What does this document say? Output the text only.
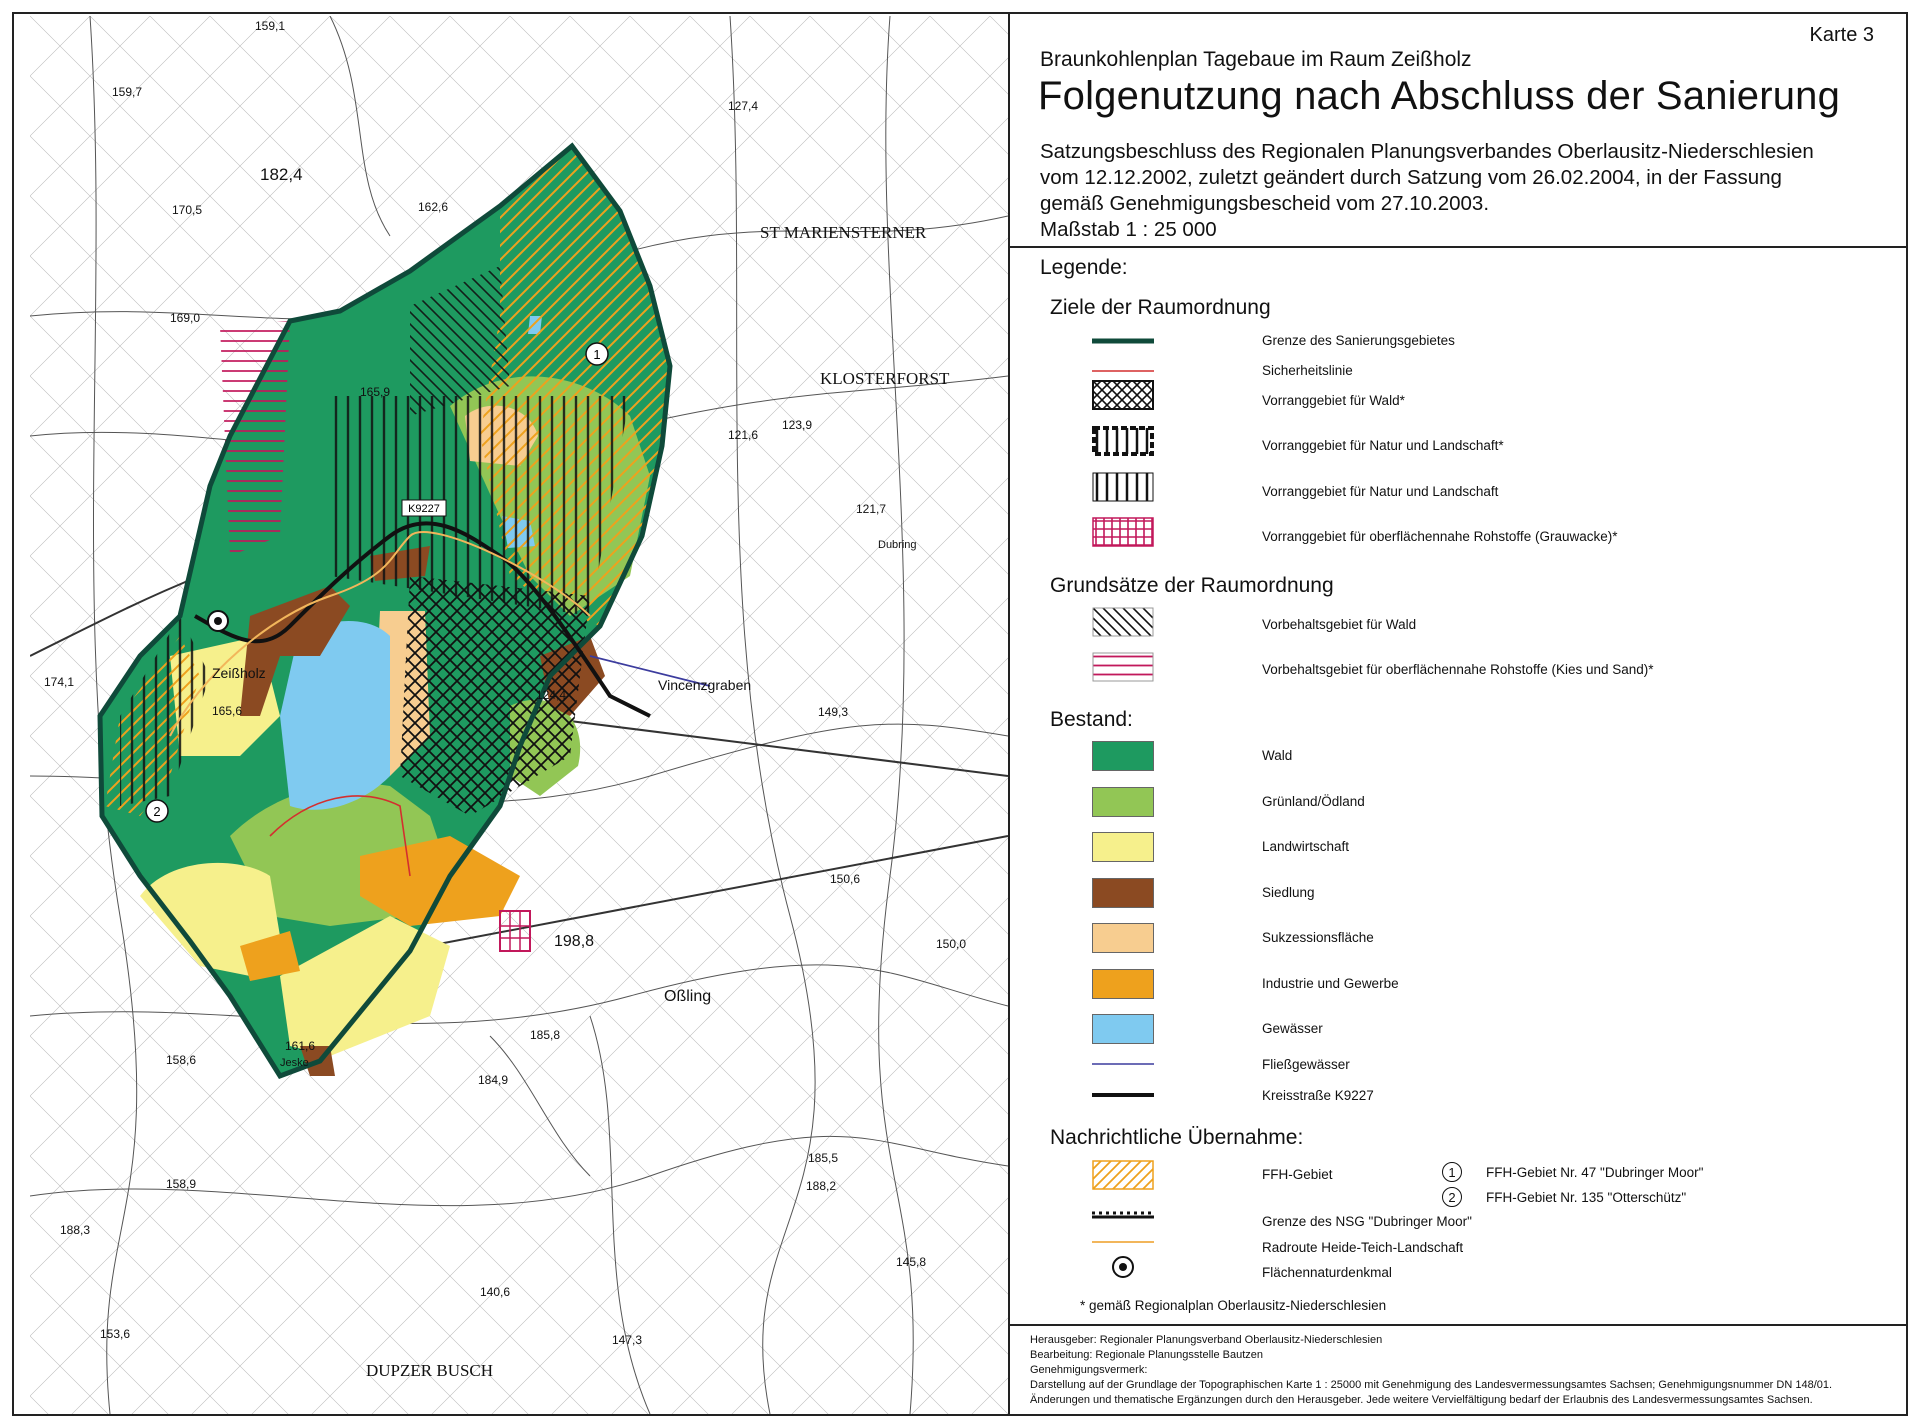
1
2
K9227
ST MARIENSTERNER
KLOSTERFORST
Zeißholz
Vincenzgraben
Oßling
DUPZER BUSCH
Dubring
Jeske
159,1
159,7
182,4
162,6
170,5
169,0
165,9
121,6
123,9
121,7
174,1
165,6
124,4
149,3
150,6
150,0
198,8
158,6
161,6
185,8
184,9
158,9
188,3
188,2
185,5
145,8
140,6
153,6	147,3
127,4
Karte 3
Braunkohlenplan Tagebaue im Raum Zeißholz
Folgenutzung nach Abschluss der Sanierung
Satzungsbeschluss des Regionalen Planungsverbandes Oberlausitz-Niederschlesien
vom 12.12.2002, zuletzt geändert durch Satzung vom 26.02.2004, in der Fassung
gemäß Genehmigungsbescheid vom 27.10.2003.
Maßstab 1 : 25 000
Legende:
Ziele der Raumordnung
Grenze des Sanierungsgebietes
Sicherheitslinie
Vorranggebiet für Wald*
Vorranggebiet für Natur und Landschaft*
Vorranggebiet für Natur und Landschaft
Vorranggebiet für oberflächennahe Rohstoffe (Grauwacke)*
Grundsätze der Raumordnung
Vorbehaltsgebiet für Wald
Vorbehaltsgebiet für oberflächennahe Rohstoffe (Kies und Sand)*
Bestand:
Wald
Grünland/Ödland
Landwirtschaft
Siedlung
Sukzessionsfläche
Industrie und Gewerbe
Gewässer
Fließgewässer
Kreisstraße K9227
Nachrichtliche Übernahme:
FFH-Gebiet	1	FFH-Gebiet Nr. 47 "Dubringer Moor"
2	FFH-Gebiet Nr. 135 "Otterschütz"
Grenze des NSG "Dubringer Moor"
Radroute Heide-Teich-Landschaft
Flächennaturdenkmal
* gemäß Regionalplan Oberlausitz-Niederschlesien
Herausgeber: Regionaler Planungsverband Oberlausitz-Niederschlesien
Bearbeitung: Regionale Planungsstelle Bautzen
Genehmigungsvermerk:
Darstellung auf der Grundlage der Topographischen Karte 1 : 25000 mit Genehmigung des Landesvermessungsamtes Sachsen; Genehmigungsnummer DN 148/01.
Änderungen und thematische Ergänzungen durch den Herausgeber. Jede weitere Vervielfältigung bedarf der Erlaubnis des Landesvermessungsamtes Sachsen.
